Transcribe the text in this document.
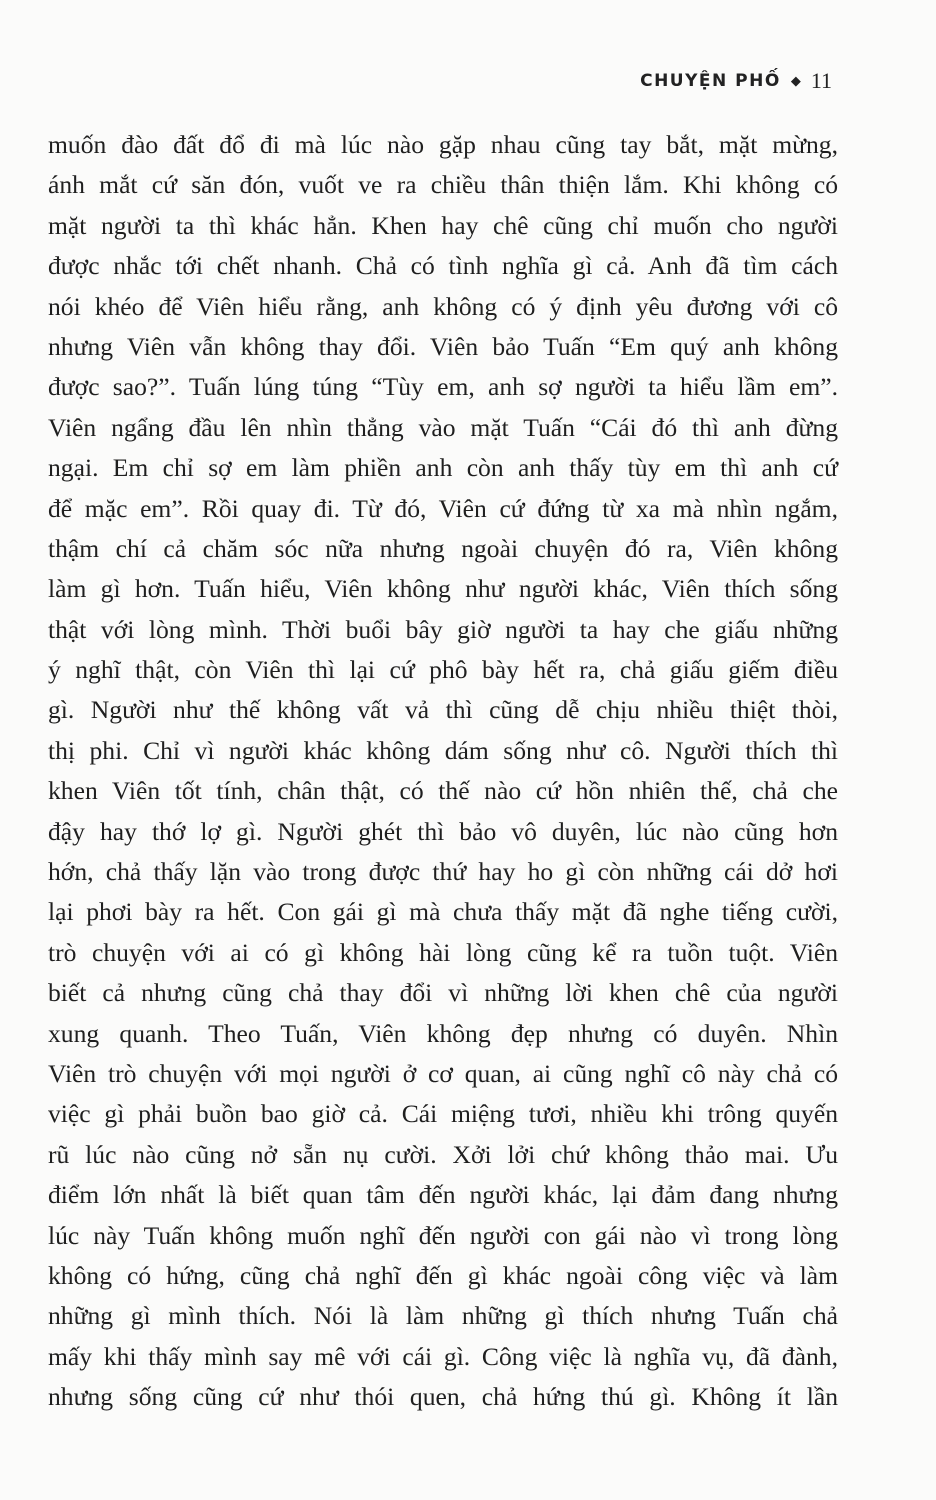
CHUYỆN PHỐ ◆ 11
muốn đào đất đổ đi mà lúc nào gặp nhau cũng tay bắt, mặt mừng,
ánh mắt cứ săn đón, vuốt ve ra chiều thân thiện lắm. Khi không có
mặt người ta thì khác hẳn. Khen hay chê cũng chỉ muốn cho người
được nhắc tới chết nhanh. Chả có tình nghĩa gì cả. Anh đã tìm cách
nói khéo để Viên hiểu rằng, anh không có ý định yêu đương với cô
nhưng Viên vẫn không thay đổi. Viên bảo Tuấn “Em quý anh không
được sao?”. Tuấn lúng túng “Tùy em, anh sợ người ta hiểu lầm em”.
Viên ngẩng đầu lên nhìn thẳng vào mặt Tuấn “Cái đó thì anh đừng
ngại. Em chỉ sợ em làm phiền anh còn anh thấy tùy em thì anh cứ
để mặc em”. Rồi quay đi. Từ đó, Viên cứ đứng từ xa mà nhìn ngắm,
thậm chí cả chăm sóc nữa nhưng ngoài chuyện đó ra, Viên không
làm gì hơn. Tuấn hiểu, Viên không như người khác, Viên thích sống
thật với lòng mình. Thời buổi bây giờ người ta hay che giấu những
ý nghĩ thật, còn Viên thì lại cứ phô bày hết ra, chả giấu giếm điều
gì. Người như thế không vất vả thì cũng dễ chịu nhiều thiệt thòi,
thị phi. Chỉ vì người khác không dám sống như cô. Người thích thì
khen Viên tốt tính, chân thật, có thế nào cứ hồn nhiên thế, chả che
đậy hay thớ lợ gì. Người ghét thì bảo vô duyên, lúc nào cũng hơn
hớn, chả thấy lặn vào trong được thứ hay ho gì còn những cái dở hơi
lại phơi bày ra hết. Con gái gì mà chưa thấy mặt đã nghe tiếng cười,
trò chuyện với ai có gì không hài lòng cũng kể ra tuồn tuột. Viên
biết cả nhưng cũng chả thay đổi vì những lời khen chê của người
xung quanh. Theo Tuấn, Viên không đẹp nhưng có duyên. Nhìn
Viên trò chuyện với mọi người ở cơ quan, ai cũng nghĩ cô này chả có
việc gì phải buồn bao giờ cả. Cái miệng tươi, nhiều khi trông quyến
rũ lúc nào cũng nở sẵn nụ cười. Xởi lởi chứ không thảo mai. Ưu
điểm lớn nhất là biết quan tâm đến người khác, lại đảm đang nhưng
lúc này Tuấn không muốn nghĩ đến người con gái nào vì trong lòng
không có hứng, cũng chả nghĩ đến gì khác ngoài công việc và làm
những gì mình thích. Nói là làm những gì thích nhưng Tuấn chả
mấy khi thấy mình say mê với cái gì. Công việc là nghĩa vụ, đã đành,
nhưng sống cũng cứ như thói quen, chả hứng thú gì. Không ít lần
